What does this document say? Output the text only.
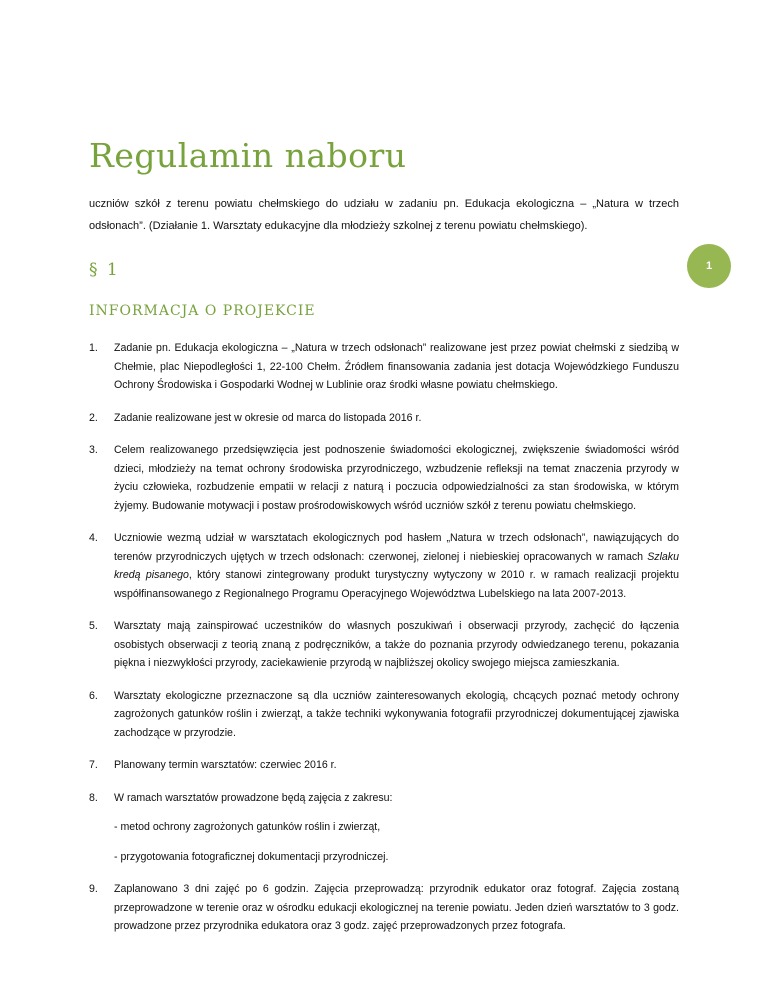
Regulamin naboru

uczniów szkół z terenu powiatu chełmskiego do udziału w zadaniu pn. Edukacja ekologiczna – „Natura w trzech odsłonach”. (Działanie 1. Warsztaty edukacyjne dla młodzieży szkolnej z terenu powiatu chełmskiego).

1
§ 1
INFORMACJA O PROJEKCIE
1. Zadanie pn. Edukacja ekologiczna – „Natura w trzech odsłonach” realizowane jest przez powiat chełmski z siedzibą w Chełmie, plac Niepodległości 1, 22-100 Chełm. Źródłem finansowania zadania jest dotacja Wojewódzkiego Funduszu Ochrony Środowiska i Gospodarki Wodnej w Lublinie oraz środki własne powiatu chełmskiego.

2. Zadanie realizowane jest w okresie od marca do listopada 2016 r.

3. Celem realizowanego przedsięwzięcia jest podnoszenie świadomości ekologicznej, zwiększenie świadomości wśród dzieci, młodzieży na temat ochrony środowiska przyrodniczego, wzbudzenie refleksji na temat znaczenia przyrody w życiu człowieka, rozbudzenie empatii w relacji z naturą i poczucia odpowiedzialności za stan środowiska, w którym żyjemy. Budowanie motywacji i postaw prośrodowiskowych wśród uczniów szkół z terenu powiatu chełmskiego.

4. Uczniowie wezmą udział w warsztatach ekologicznych pod hasłem „Natura w trzech odsłonach”, nawiązujących do terenów przyrodniczych ujętych w trzech odsłonach: czerwonej, zielonej i niebieskiej opracowanych w ramach Szlaku kredą pisanego, który stanowi zintegrowany produkt turystyczny wytyczony w 2010 r. w ramach realizacji projektu współfinansowanego z Regionalnego Programu Operacyjnego Województwa Lubelskiego na lata 2007-2013.

5. Warsztaty mają zainspirować uczestników do własnych poszukiwań i obserwacji przyrody, zachęcić do łączenia osobistych obserwacji z teorią znaną z podręczników, a także do poznania przyrody odwiedzanego terenu, pokazania piękna i niezwykłości przyrody, zaciekawienie przyrodą w najbliższej okolicy swojego miejsca zamieszkania.

6. Warsztaty ekologiczne przeznaczone są dla uczniów zainteresowanych ekologią, chcących poznać metody ochrony zagrożonych gatunków roślin i zwierząt, a także techniki wykonywania fotografii przyrodniczej dokumentującej zjawiska zachodzące w przyrodzie.

7. Planowany termin warsztatów: czerwiec 2016 r.

8. W ramach warsztatów prowadzone będą zajęcia z zakresu:

- metod ochrony zagrożonych gatunków roślin i zwierząt,

- przygotowania fotograficznej dokumentacji przyrodniczej.

9. Zaplanowano 3 dni zajęć po 6 godzin. Zajęcia przeprowadzą: przyrodnik edukator oraz fotograf. Zajęcia zostaną przeprowadzone w terenie oraz w ośrodku edukacji ekologicznej na terenie powiatu. Jeden dzień warsztatów to 3 godz. prowadzone przez przyrodnika edukatora oraz 3 godz. zajęć przeprowadzonych przez fotografa.
